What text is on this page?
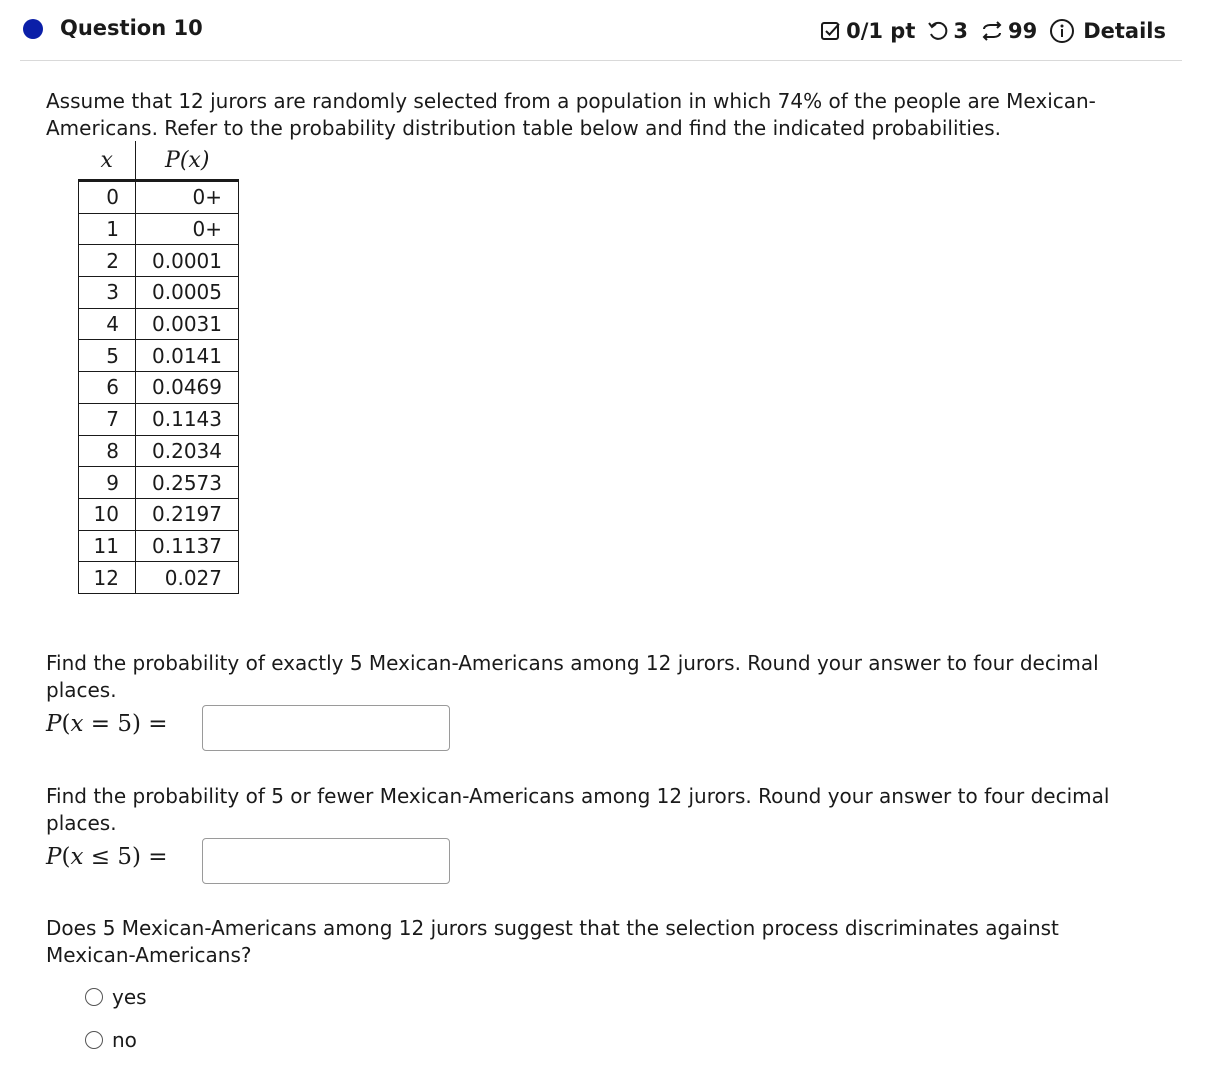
Question 10	0/1 pt 3 99 Details
Assume that 12 jurors are randomly selected from a population in which 74% of the people are Mexican-
Americans. Refer to the probability distribution table below and find the indicated probabilities.
x	P(x)
0	0+
1	0+
2	0.0001
3	0.0005
4	0.0031
5	0.0141
6	0.0469
7	0.1143
8	0.2034
9	0.2573
10	0.2197
11	0.1137
12	0.027
Find the probability of exactly 5 Mexican-Americans among 12 jurors. Round your answer to four decimal
places.
P ( x = 5 ) =
Find the probability of 5 or fewer Mexican-Americans among 12 jurors. Round your answer to four decimal
places.
P ( x ≤ 5 ) =
Does 5 Mexican-Americans among 12 jurors suggest that the selection process discriminates against
Mexican-Americans?
yes
no
